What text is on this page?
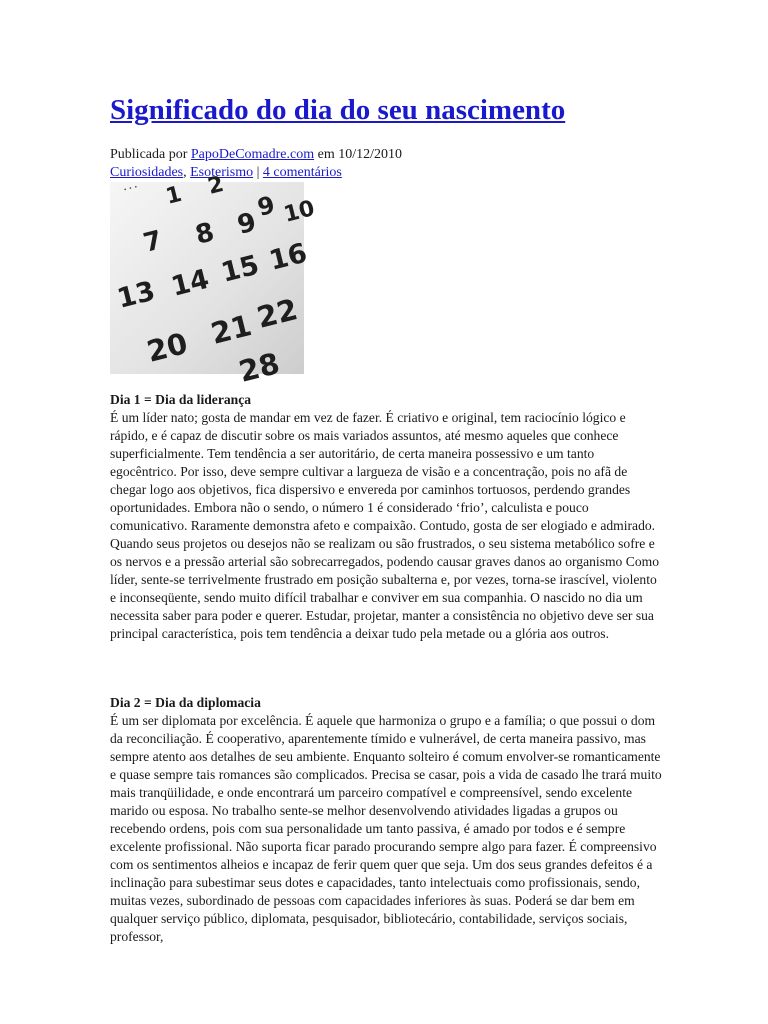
Significado do dia do seu nascimento
Publicada por PapoDeComadre.com em 10/12/2010
Curiosidades, Esoterismo | 4 comentários
1 2
9 10
7 8 9
13 14 15 16
20 21
22
28
• • •

Dia 1 = Dia da liderança

É um líder nato; gosta de mandar em vez de fazer. É criativo e original, tem raciocínio lógico e rápido, e é capaz de discutir sobre os mais variados assuntos, até mesmo aqueles que conhece superficialmente. Tem tendência a ser autoritário, de certa maneira possessivo e um tanto egocêntrico. Por isso, deve sempre cultivar a largueza de visão e a concentração, pois no afã de chegar logo aos objetivos, fica dispersivo e envereda por caminhos tortuosos, perdendo grandes oportunidades. Embora não o sendo, o número 1 é considerado ‘frio’, calculista e pouco comunicativo. Raramente demonstra afeto e compaixão. Contudo, gosta de ser elogiado e admirado. Quando seus projetos ou desejos não se realizam ou são frustrados, o seu sistema metabólico sofre e os nervos e a pressão arterial são sobrecarregados, podendo causar graves danos ao organismo Como líder, sente-se terrivelmente frustrado em posição subalterna e, por vezes, torna-se irascível, violento e inconseqüente, sendo muito difícil trabalhar e conviver em sua companhia. O nascido no dia um necessita saber para poder e querer. Estudar, projetar, manter a consistência no objetivo deve ser sua principal característica, pois tem tendência a deixar tudo pela metade ou a glória aos outros.

Dia 2 = Dia da diplomacia

É um ser diplomata por excelência. É aquele que harmoniza o grupo e a família; o que possui o dom da reconciliação. É cooperativo, aparentemente tímido e vulnerável, de certa maneira passivo, mas sempre atento aos detalhes de seu ambiente. Enquanto solteiro é comum envolver-se romanticamente e quase sempre tais romances são complicados. Precisa se casar, pois a vida de casado lhe trará muito mais tranqüilidade, e onde encontrará um parceiro compatível e compreensível, sendo excelente marido ou esposa. No trabalho sente-se melhor desenvolvendo atividades ligadas a grupos ou recebendo ordens, pois com sua personalidade um tanto passiva, é amado por todos e é sempre excelente profissional. Não suporta ficar parado procurando sempre algo para fazer. É compreensivo com os sentimentos alheios e incapaz de ferir quem quer que seja. Um dos seus grandes defeitos é a inclinação para subestimar seus dotes e capacidades, tanto intelectuais como profissionais, sendo, muitas vezes, subordinado de pessoas com capacidades inferiores às suas. Poderá se dar bem em qualquer serviço público, diplomata, pesquisador, bibliotecário, contabilidade, serviços sociais, professor,
